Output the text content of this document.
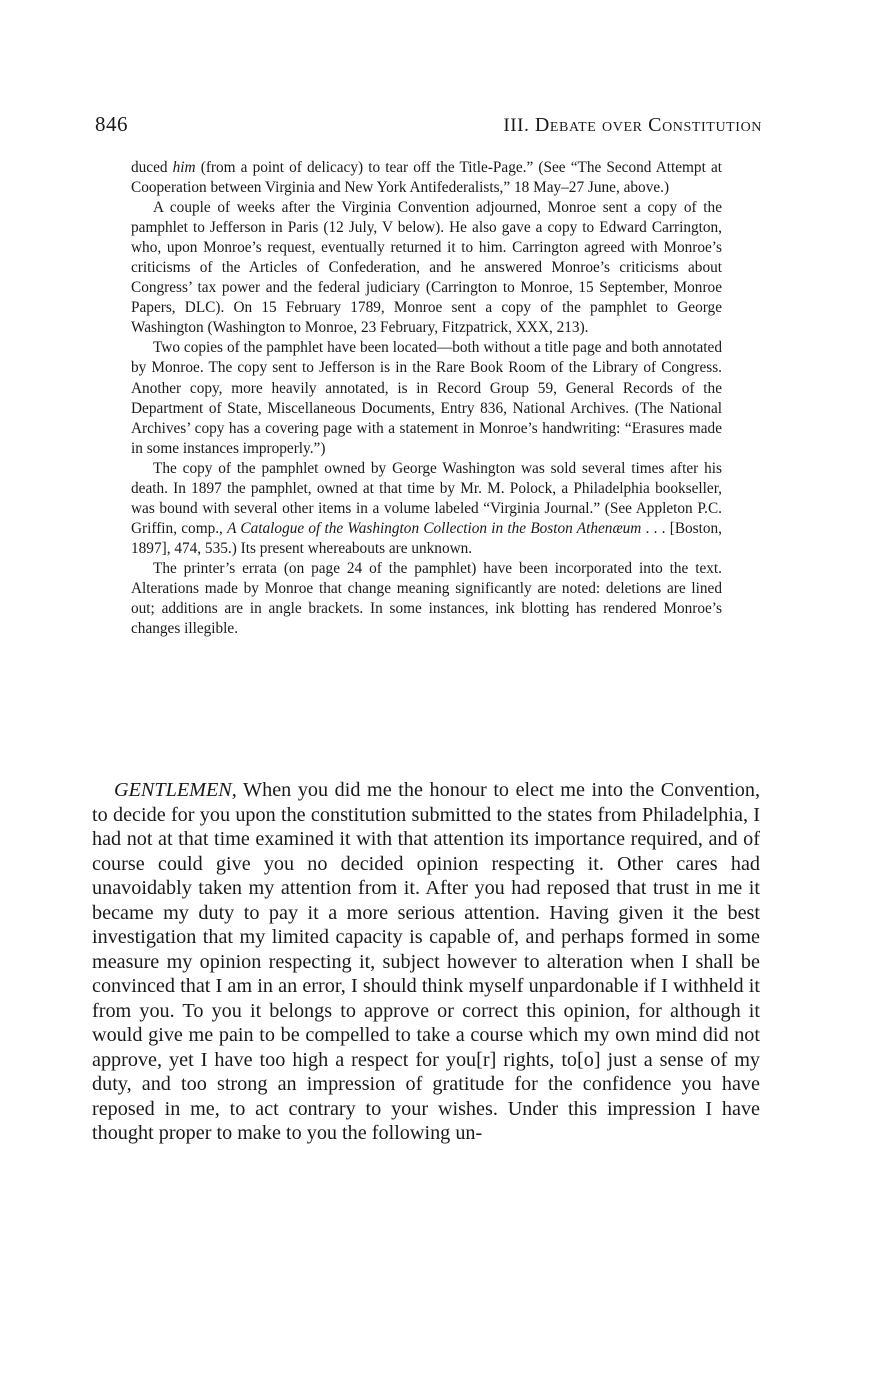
846	III. Debate over Constitution

duced him (from a point of delicacy) to tear off the Title-Page.” (See “The Second Attempt at Cooperation between Virginia and New York Antifederalists,” 18 May–27 June, above.)

A couple of weeks after the Virginia Convention adjourned, Monroe sent a copy of the pamphlet to Jefferson in Paris (12 July, V below). He also gave a copy to Edward Carrington, who, upon Monroe’s request, eventually returned it to him. Carrington agreed with Monroe’s criticisms of the Articles of Confederation, and he answered Monroe’s criticisms about Congress’ tax power and the federal judiciary (Carrington to Monroe, 15 September, Monroe Papers, DLC). On 15 February 1789, Monroe sent a copy of the pamphlet to George Washington (Washington to Monroe, 23 February, Fitzpatrick, XXX, 213).

Two copies of the pamphlet have been located—both without a title page and both annotated by Monroe. The copy sent to Jefferson is in the Rare Book Room of the Library of Congress. Another copy, more heavily annotated, is in Record Group 59, General Records of the Department of State, Miscellaneous Documents, Entry 836, National Archives. (The National Archives’ copy has a covering page with a statement in Monroe’s handwriting: “Erasures made in some instances improperly.”)

The copy of the pamphlet owned by George Washington was sold several times after his death. In 1897 the pamphlet, owned at that time by Mr. M. Polock, a Philadelphia bookseller, was bound with several other items in a volume labeled “Virginia Journal.” (See Appleton P.C. Griffin, comp., A Catalogue of the Washington Collection in the Boston Athenæum . . . [Boston, 1897], 474, 535.) Its present whereabouts are unknown.

The printer’s errata (on page 24 of the pamphlet) have been incorporated into the text. Alterations made by Monroe that change meaning significantly are noted: deletions are lined out; additions are in angle brackets. In some instances, ink blotting has rendered Monroe’s changes illegible.

GENTLEMEN, When you did me the honour to elect me into the Convention, to decide for you upon the constitution submitted to the states from Philadelphia, I had not at that time examined it with that attention its importance required, and of course could give you no decided opinion respecting it. Other cares had unavoidably taken my attention from it. After you had reposed that trust in me it became my duty to pay it a more serious attention. Having given it the best investigation that my limited capacity is capable of, and perhaps formed in some measure my opinion respecting it, subject however to alteration when I shall be convinced that I am in an error, I should think myself unpardonable if I withheld it from you. To you it belongs to approve or correct this opinion, for although it would give me pain to be compelled to take a course which my own mind did not approve, yet I have too high a respect for you[r] rights, to[o] just a sense of my duty, and too strong an impression of gratitude for the confidence you have reposed in me, to act contrary to your wishes. Under this impression I have thought proper to make to you the following un-
